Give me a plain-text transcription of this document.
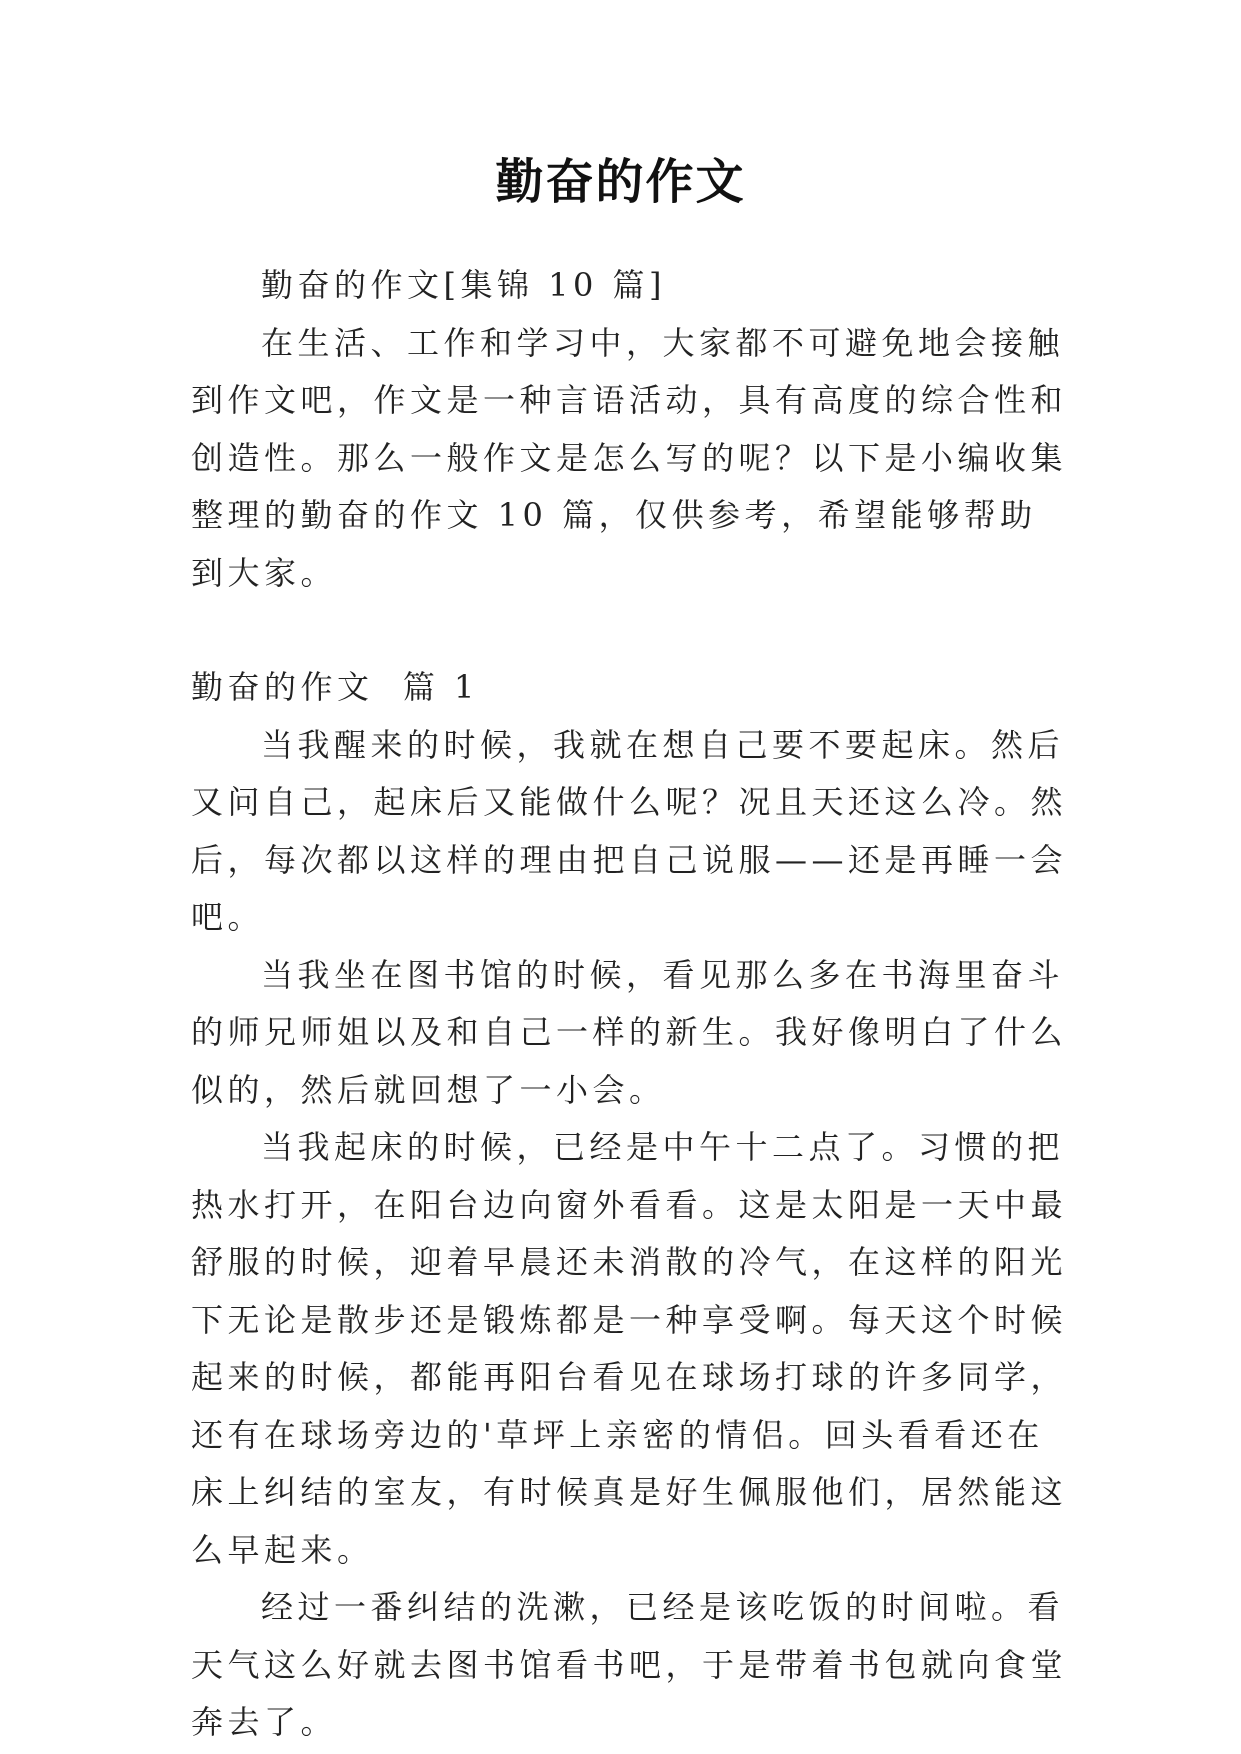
勤奋的作文

勤奋的作文[集锦 10 篇]

在生活、工作和学习中，大家都不可避免地会接触到作文吧，作文是一种言语活动，具有高度的综合性和创造性。那么一般作文是怎么写的呢？以下是小编收集整理的勤奋的作文 10 篇，仅供参考，希望能够帮助到大家。

勤奋的作文 篇 1

当我醒来的时候，我就在想自己要不要起床。然后又问自己，起床后又能做什么呢？况且天还这么冷。然后，每次都以这样的理由把自己说服——还是再睡一会吧。

当我坐在图书馆的时候，看见那么多在书海里奋斗的师兄师姐以及和自己一样的新生。我好像明白了什么似的，然后就回想了一小会。

当我起床的时候，已经是中午十二点了。习惯的把热水打开，在阳台边向窗外看看。这是太阳是一天中最舒服的时候，迎着早晨还未消散的冷气，在这样的阳光下无论是散步还是锻炼都是一种享受啊。每天这个时候起来的时候，都能再阳台看见在球场打球的许多同学，还有在球场旁边的'草坪上亲密的情侣。回头看看还在床上纠结的室友，有时候真是好生佩服他们，居然能这么早起来。

经过一番纠结的洗漱，已经是该吃饭的时间啦。看天气这么好就去图书馆看书吧，于是带着书包就向食堂奔去了。
